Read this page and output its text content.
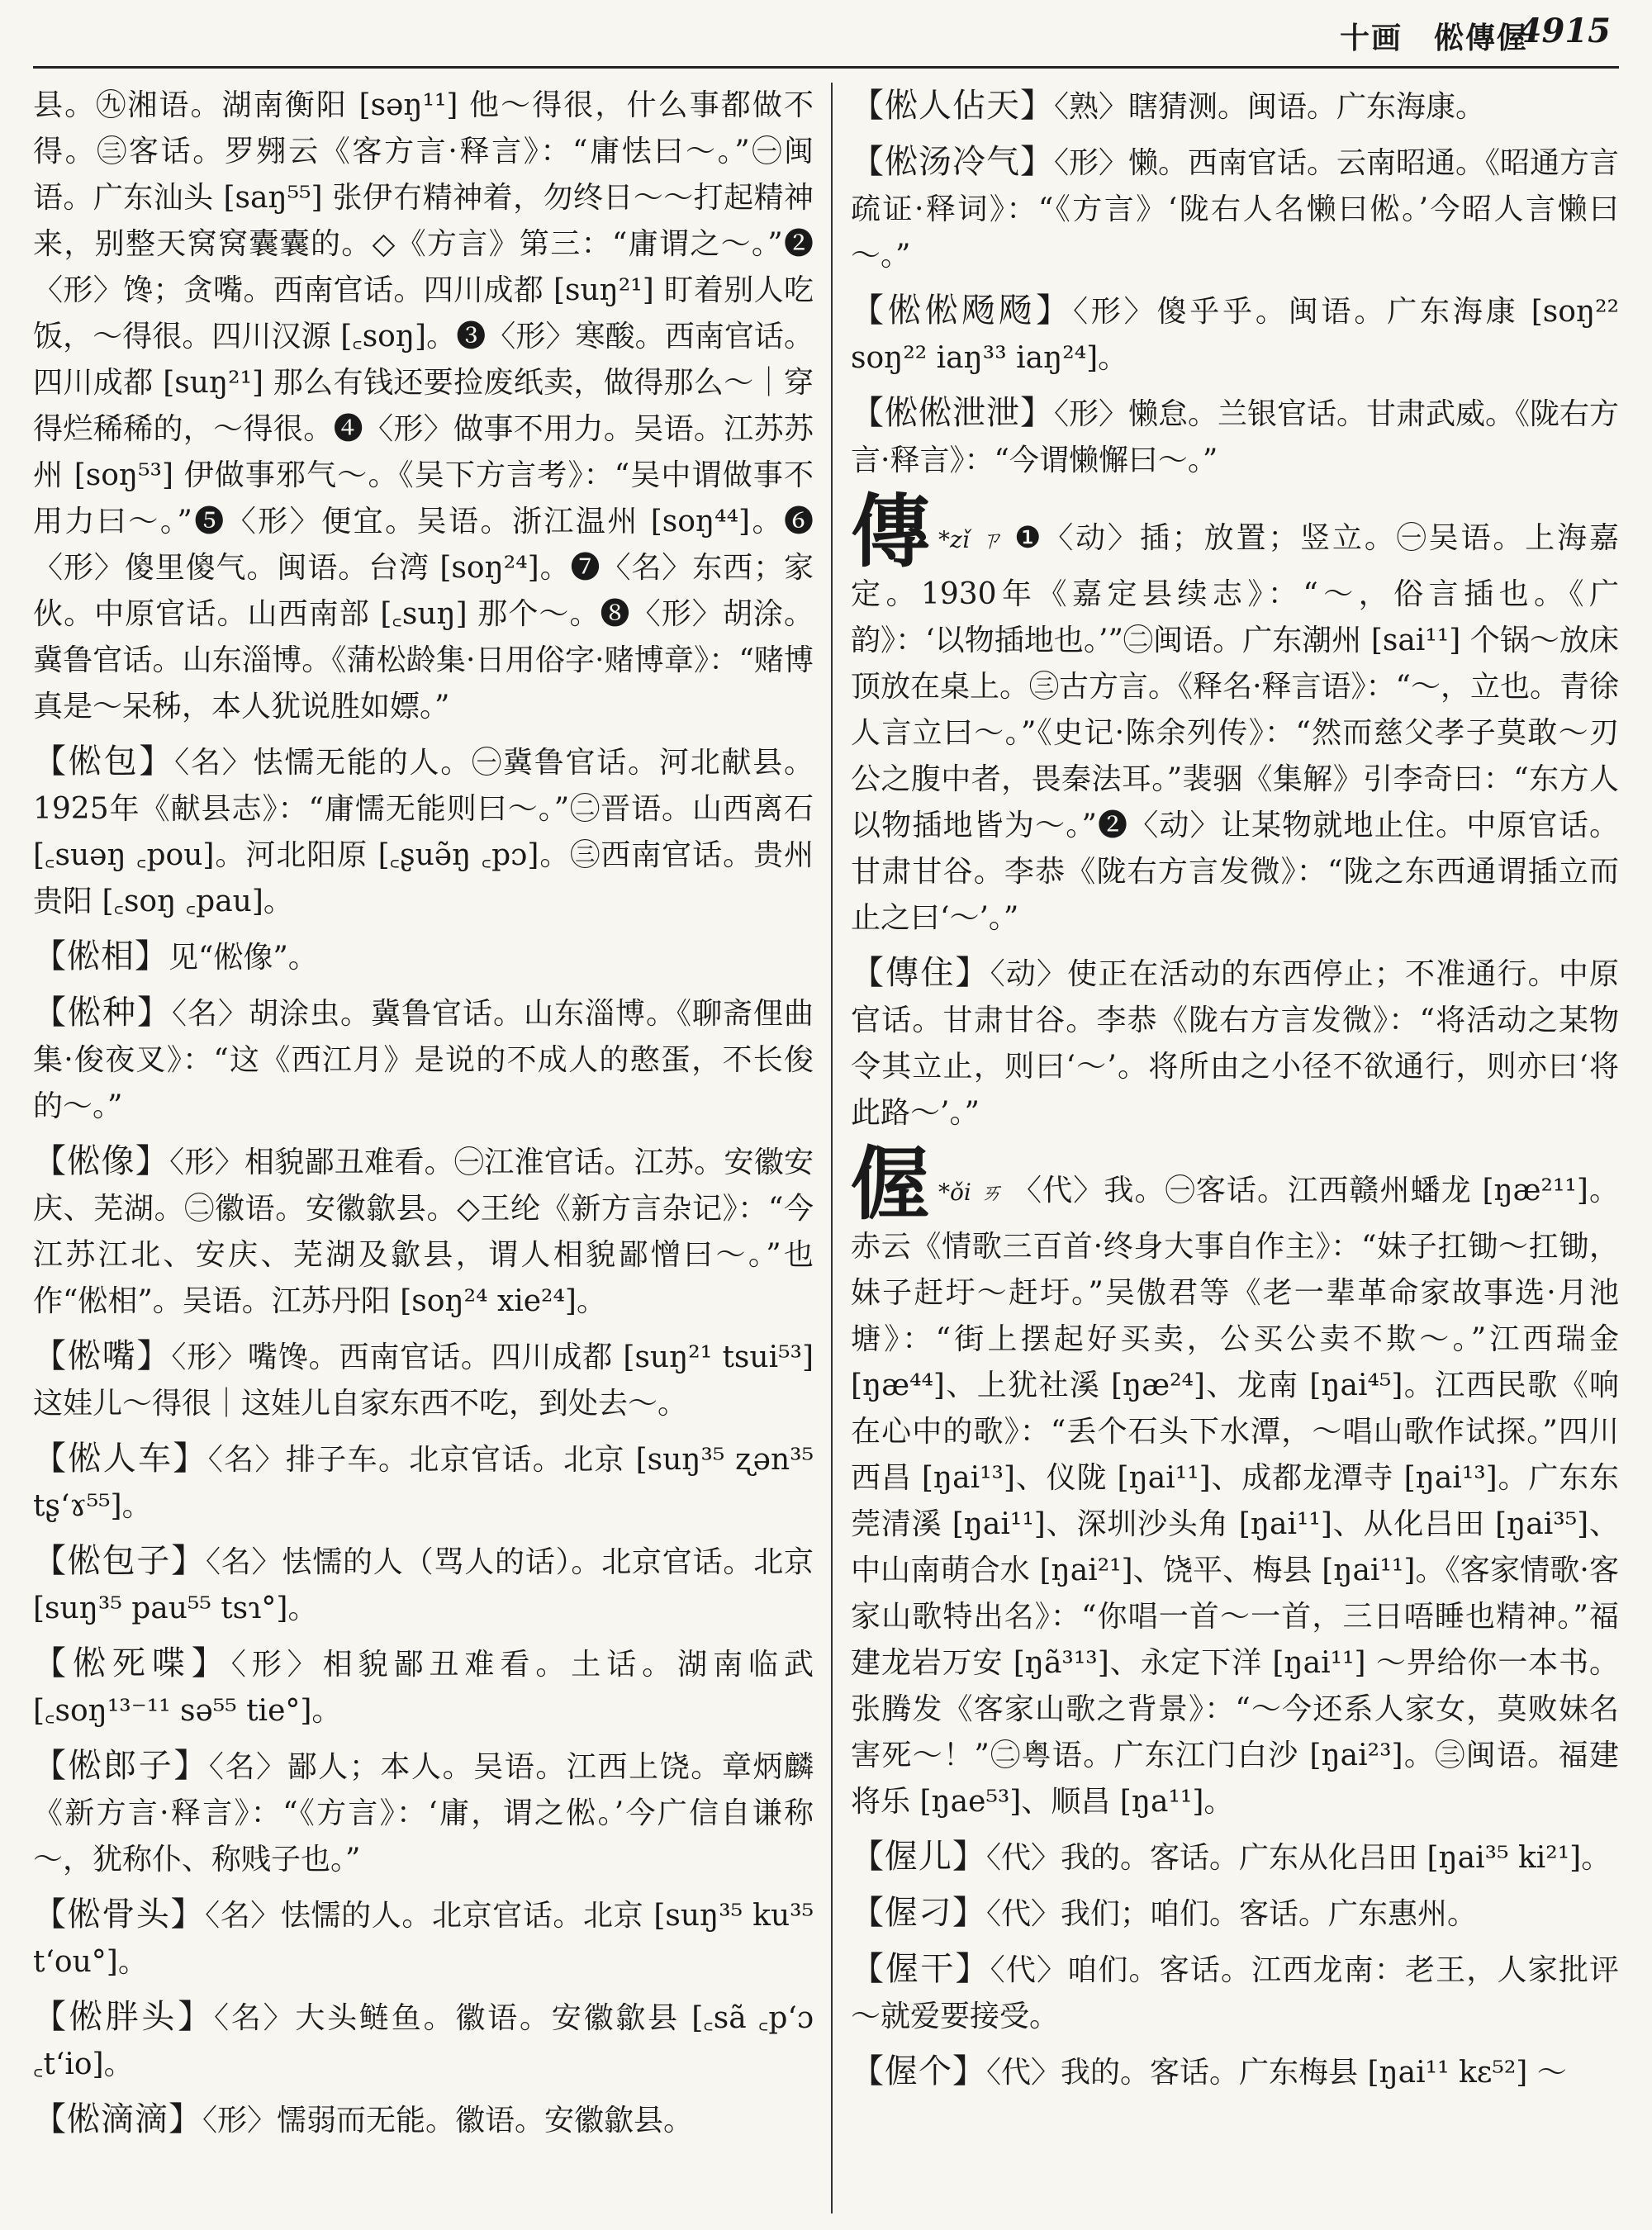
十画　倯傳偓
4915

县。㊈湘语。湖南衡阳 [səŋ¹¹] 他～得很，什么事都做不得。㊂客话。罗翙云《客方言·释言》：“庸怯曰～。”㊀闽语。广东汕头 [saŋ⁵⁵] 张伊冇精神着，勿终日～～打起精神来，别整天窝窝囊囊的。◇《方言》第三：“庸谓之～。”❷〈形〉馋；贪嘴。西南官话。四川成都 [suŋ²¹] 盯着别人吃饭，～得很。四川汉源 [꜀soŋ]。❸〈形〉寒酸。西南官话。四川成都 [suŋ²¹] 那么有钱还要捡废纸卖，做得那么～｜穿得烂稀稀的，～得很。❹〈形〉做事不用力。吴语。江苏苏州 [soŋ⁵³] 伊做事邪气～。《吴下方言考》：“吴中谓做事不用力曰～。”❺〈形〉便宜。吴语。浙江温州 [soŋ⁴⁴]。❻〈形〉傻里傻气。闽语。台湾 [soŋ²⁴]。❼〈名〉东西；家伙。中原官话。山西南部 [꜀suŋ] 那个～。❽〈形〉胡涂。冀鲁官话。山东淄博。《蒲松龄集·日用俗字·赌博章》：“赌博真是～呆秭，本人犹说胜如嫖。”

【倯包】〈名〉怯懦无能的人。㊀冀鲁官话。河北献县。1925年《献县志》：“庸懦无能则曰～。”㊁晋语。山西离石 [꜀suəŋ ꜀pou]。河北阳原 [꜀ʂuə̃ŋ ꜀pɔ]。㊂西南官话。贵州贵阳 [꜀soŋ ꜀pau]。

【倯相】见“倯像”。

【倯种】〈名〉胡涂虫。冀鲁官话。山东淄博。《聊斋俚曲集·俊夜叉》：“这《西江月》是说的不成人的憨蛋，不长俊的～。”

【倯像】〈形〉相貌鄙丑难看。㊀江淮官话。江苏。安徽安庆、芜湖。㊁徽语。安徽歙县。◇王纶《新方言杂记》：“今江苏江北、安庆、芜湖及歙县，谓人相貌鄙憎曰～。”也作“倯相”。吴语。江苏丹阳 [soŋ²⁴ xie²⁴]。

【倯嘴】〈形〉嘴馋。西南官话。四川成都 [suŋ²¹ tsui⁵³] 这娃儿～得很｜这娃儿自家东西不吃，到处去～。

【倯人车】〈名〉排子车。北京官话。北京 [suŋ³⁵ ʐən³⁵ tʂʻɤ⁵⁵]。

【倯包子】〈名〉怯懦的人（骂人的话）。北京官话。北京 [suŋ³⁵ pau⁵⁵ tsɿ°]。

【倯死喋】〈形〉相貌鄙丑难看。土话。湖南临武 [꜀soŋ¹³⁻¹¹ sə⁵⁵ tie°]。

【倯郎子】〈名〉鄙人；本人。吴语。江西上饶。章炳麟《新方言·释言》：“《方言》：‘庸，谓之倯。’今广信自谦称～，犹称仆、称贱子也。”

【倯骨头】〈名〉怯懦的人。北京官话。北京 [suŋ³⁵ ku³⁵ tʻou°]。

【倯胖头】〈名〉大头鲢鱼。徽语。安徽歙县 [꜀sã ꜀pʻɔ ꜀tʻio]。

【倯滴滴】〈形〉懦弱而无能。徽语。安徽歙县。

【倯人佔天】〈熟〉瞎猜测。闽语。广东海康。

【倯汤冷气】〈形〉懒。西南官话。云南昭通。《昭通方言疏证·释词》：“《方言》‘陇右人名懒曰倯。’今昭人言懒曰～。”

【倯倯飏飏】〈形〉傻乎乎。闽语。广东海康 [soŋ²² soŋ²² iaŋ³³ iaŋ²⁴]。

【倯倯泄泄】〈形〉懒怠。兰银官话。甘肃武威。《陇右方言·释言》：“今谓懒懈曰～。”

傳 *zǐ ㄗ ❶〈动〉插；放置；竖立。㊀吴语。上海嘉定。1930年《嘉定县续志》：“～，俗言插也。《广韵》：‘以物插地也。’”㊁闽语。广东潮州 [sai¹¹] 个锅～放床顶放在桌上。㊂古方言。《释名·释言语》：“～，立也。青徐人言立曰～。”《史记·陈余列传》：“然而慈父孝子莫敢～刃公之腹中者，畏秦法耳。”裴骃《集解》引李奇曰：“东方人以物插地皆为～。”❷〈动〉让某物就地止住。中原官话。甘肃甘谷。李恭《陇右方言发微》：“陇之东西通谓插立而止之曰‘～’。”

【傳住】〈动〉使正在活动的东西停止；不准通行。中原官话。甘肃甘谷。李恭《陇右方言发微》：“将活动之某物令其立止，则曰‘～’。将所由之小径不欲通行，则亦曰‘将此路～’。”

偓 *ǒi ㄞ 〈代〉我。㊀客话。江西赣州蟠龙 [ŋæ²¹¹]。赤云《情歌三百首·终身大事自作主》：“妹子扛锄～扛锄，妹子赶圩～赶圩。”吴傲君等《老一辈革命家故事选·月池塘》：“街上摆起好买卖，公买公卖不欺～。”江西瑞金 [ŋæ⁴⁴]、上犹社溪 [ŋæ²⁴]、龙南 [ŋai⁴⁵]。江西民歌《响在心中的歌》：“丢个石头下水潭，～唱山歌作试探。”四川西昌 [ŋai¹³]、仪陇 [ŋai¹¹]、成都龙潭寺 [ŋai¹³]。广东东莞清溪 [ŋai¹¹]、深圳沙头角 [ŋai¹¹]、从化吕田 [ŋai³⁵]、中山南萌合水 [ŋai²¹]、饶平、梅县 [ŋai¹¹]。《客家情歌·客家山歌特出名》：“你唱一首～一首，三日唔睡也精神。”福建龙岩万安 [ŋã³¹³]、永定下洋 [ŋai¹¹] ～畀给你一本书。张腾发《客家山歌之背景》：“～今还系人家女，莫败妹名害死～！”㊁粤语。广东江门白沙 [ŋai²³]。㊂闽语。福建将乐 [ŋae⁵³]、顺昌 [ŋa¹¹]。

【偓儿】〈代〉我的。客话。广东从化吕田 [ŋai³⁵ ki²¹]。

【偓刁】〈代〉我们；咱们。客话。广东惠州。

【偓干】〈代〉咱们。客话。江西龙南：老王，人家批评～就爱要接受。

【偓个】〈代〉我的。客话。广东梅县 [ŋai¹¹ kɛ⁵²] ～
